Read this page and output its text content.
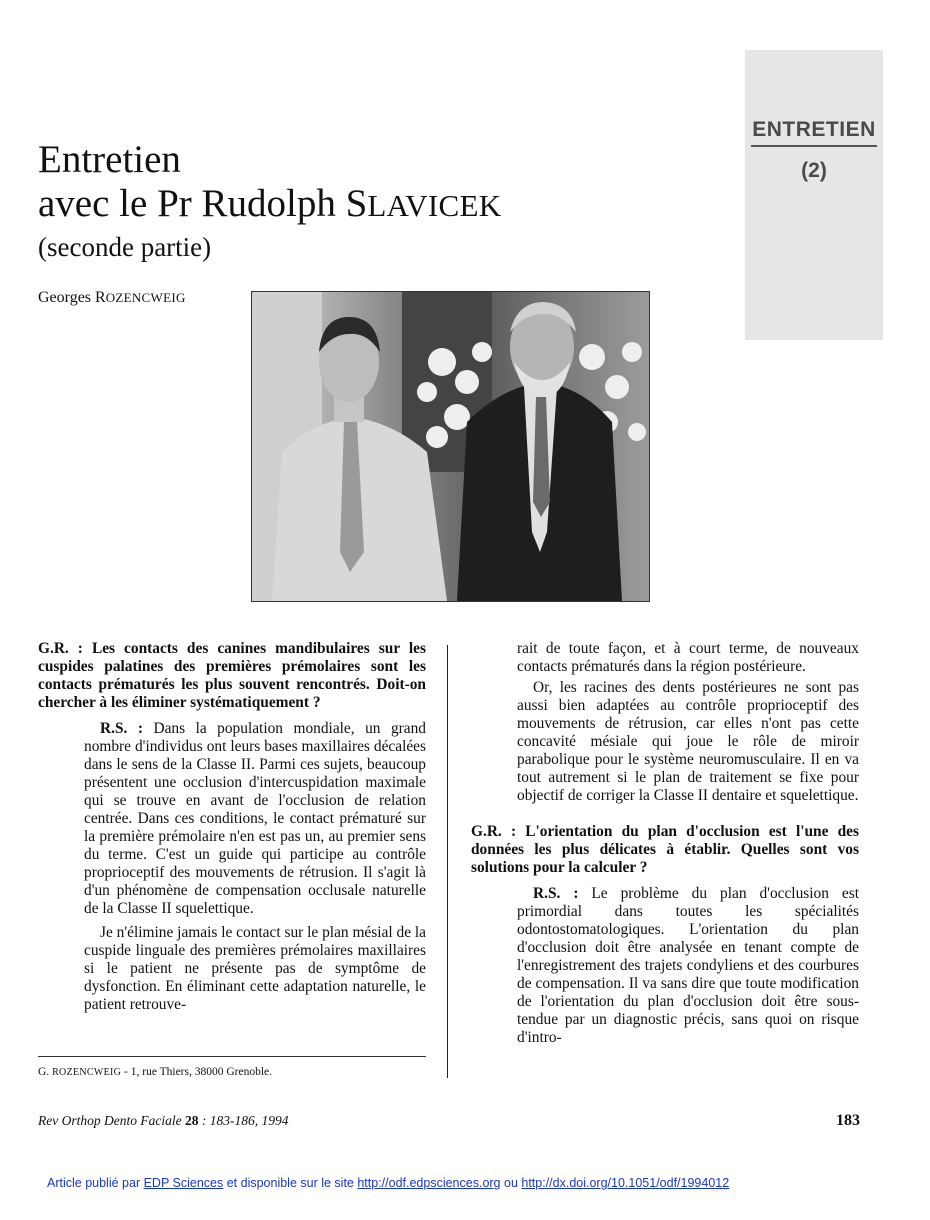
ENTRETIEN
(2)
Entretien
avec le Pr Rudolph SLAVICEK
(seconde partie)
Georges ROZENCWEIG

G.R. : Les contacts des canines mandibulaires sur les cuspides palatines des premières prémolaires sont les contacts prématurés les plus souvent rencontrés. Doit-on chercher à les éliminer systématiquement ?

R.S. : Dans la population mondiale, un grand nombre d'individus ont leurs bases maxillaires décalées dans le sens de la Classe II. Parmi ces sujets, beaucoup présentent une occlusion d'intercuspidation maximale qui se trouve en avant de l'occlusion de relation centrée. Dans ces conditions, le contact prématuré sur la première prémolaire n'en est pas un, au premier sens du terme. C'est un guide qui participe au contrôle proprioceptif des mouvements de rétrusion. Il s'agit là d'un phénomène de compensation occlusale naturelle de la Classe II squelettique.

Je n'élimine jamais le contact sur le plan mésial de la cuspide linguale des premières prémolaires maxillaires si le patient ne présente pas de symptôme de dysfonction. En éliminant cette adaptation naturelle, le patient retrouve-

G. ROZENCWEIG - 1, rue Thiers, 38000 Grenoble.

rait de toute façon, et à court terme, de nouveaux contacts prématurés dans la région postérieure.

Or, les racines des dents postérieures ne sont pas aussi bien adaptées au contrôle proprioceptif des mouvements de rétrusion, car elles n'ont pas cette concavité mésiale qui joue le rôle de miroir parabolique pour le système neuromusculaire. Il en va tout autrement si le plan de traitement se fixe pour objectif de corriger la Classe II dentaire et squelettique.

G.R. : L'orientation du plan d'occlusion est l'une des données les plus délicates à établir. Quelles sont vos solutions pour la calculer ?

R.S. : Le problème du plan d'occlusion est primordial dans toutes les spécialités odontostomatologiques. L'orientation du plan d'occlusion doit être analysée en tenant compte de l'enregistrement des trajets condyliens et des courbures de compensation. Il va sans dire que toute modification de l'orientation du plan d'occlusion doit être sous-tendue par un diagnostic précis, sans quoi on risque d'intro-

Rev Orthop Dento Faciale 28 : 183-186, 1994	183
Article publié par EDP Sciences et disponible sur le site http://odf.edpsciences.org ou http://dx.doi.org/10.1051/odf/1994012
